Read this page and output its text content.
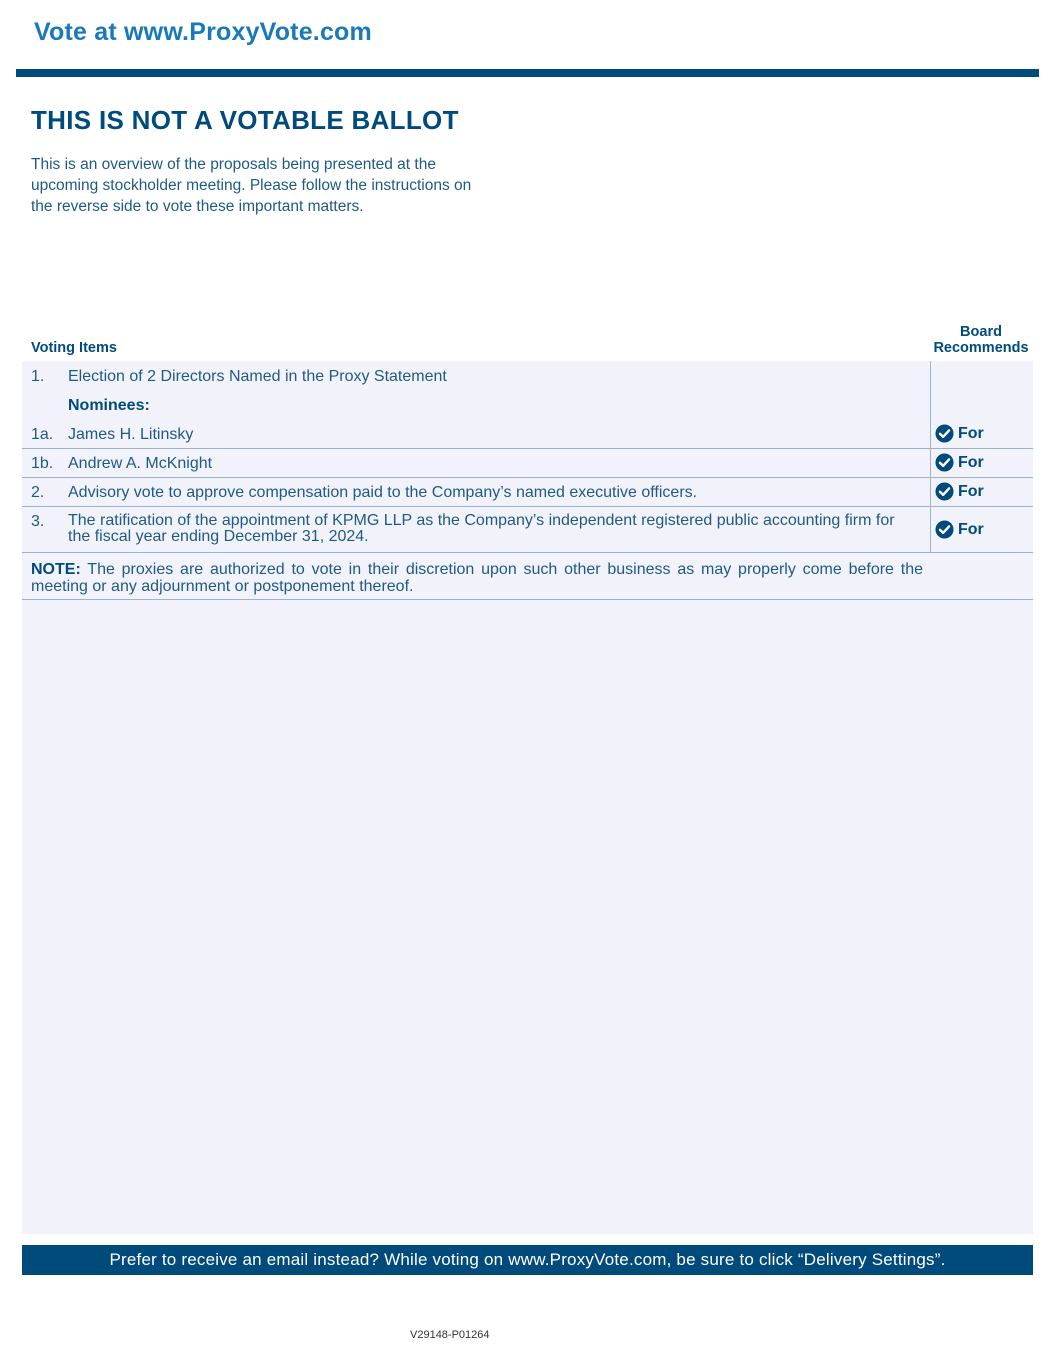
Vote at www.ProxyVote.com
THIS IS NOT A VOTABLE BALLOT
This is an overview of the proposals being presented at the
upcoming stockholder meeting. Please follow the instructions on
the reverse side to vote these important matters.
Voting Items
Board
Recommends
1. Election of 2 Directors Named in the Proxy Statement
Nominees:
1a. James H. Litinsky	For
1b. Andrew A. McKnight	For
2. Advisory vote to approve compensation paid to the Company’s named executive officers.	For
3. The ratification of the appointment of KPMG LLP as the Company’s independent registered public accounting firm for
the fiscal year ending December 31, 2024.	For
NOTE: The proxies are authorized to vote in their discretion upon such other business as may properly come before the meeting or any adjournment or postponement thereof.
Prefer to receive an email instead? While voting on www.ProxyVote.com, be sure to click “Delivery Settings”.
V29148-P01264
